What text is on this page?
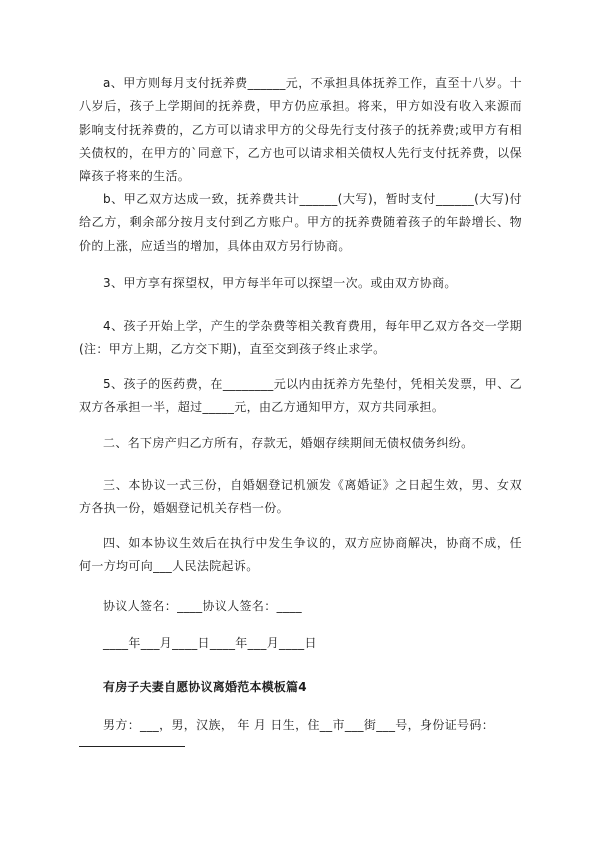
a、甲方则每月支付抚养费______元，不承担具体抚养工作，直至十八岁。十八岁后，孩子上学期间的抚养费，甲方仍应承担。将来，甲方如没有收入来源而影响支付抚养费的，乙方可以请求甲方的父母先行支付孩子的抚养费;或甲方有相关债权的，在甲方的`同意下，乙方也可以请求相关债权人先行支付抚养费，以保障孩子将来的生活。

b、甲乙双方达成一致，抚养费共计______(大写)，暂时支付______(大写)付给乙方，剩余部分按月支付到乙方账户。甲方的抚养费随着孩子的年龄增长、物价的上涨，应适当的增加，具体由双方另行协商。

3、甲方享有探望权，甲方每半年可以探望一次。或由双方协商。

4、孩子开始上学，产生的学杂费等相关教育费用，每年甲乙双方各交一学期(注：甲方上期，乙方交下期)，直至交到孩子终止求学。

5、孩子的医药费，在________元以内由抚养方先垫付，凭相关发票，甲、乙双方各承担一半，超过_____元，由乙方通知甲方，双方共同承担。

二、名下房产归乙方所有，存款无，婚姻存续期间无债权债务纠纷。

三、本协议一式三份，自婚姻登记机颁发《离婚证》之日起生效，男、女双方各执一份，婚姻登记机关存档一份。

四、如本协议生效后在执行中发生争议的，双方应协商解决，协商不成，任何一方均可向___人民法院起诉。

协议人签名：____协议人签名：____

____年___月____日____年___月____日

有房子夫妻自愿协议离婚范本模板篇4

男方：___，男，汉族， 年 月 日生，住__市___街___号，身份证号码：
